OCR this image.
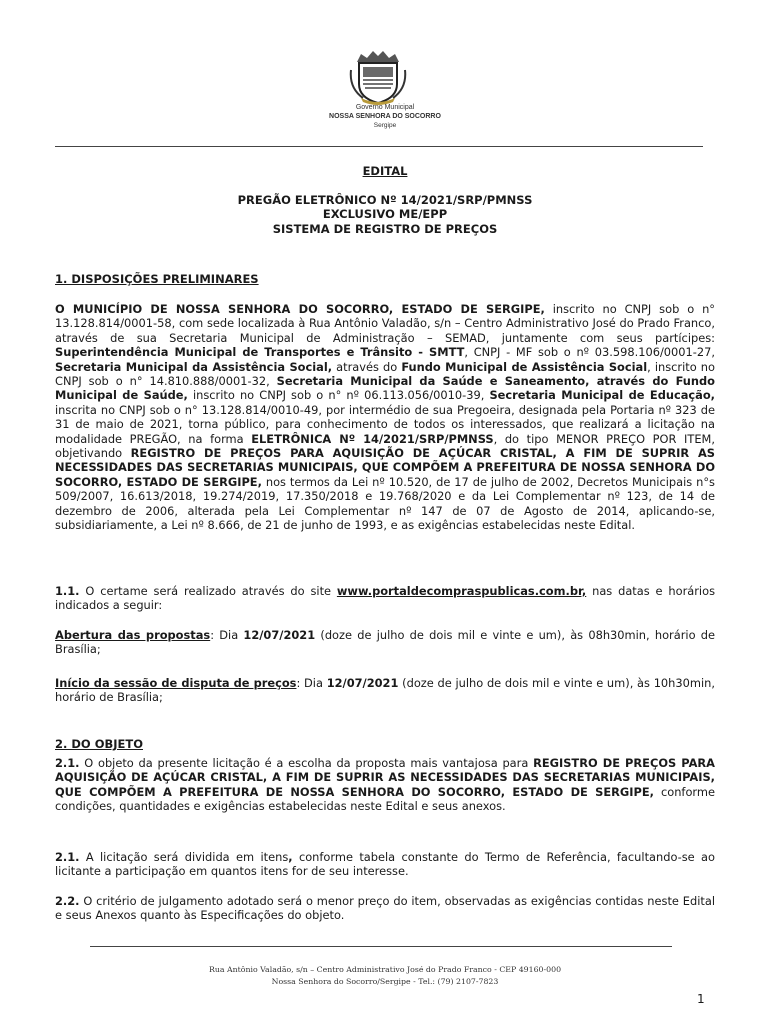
Governo Municipal
NOSSA SENHORA DO SOCORRO
Sergipe
EDITAL
PREGÃO ELETRÔNICO Nº 14/2021/SRP/PMNSS
EXCLUSIVO ME/EPP
SISTEMA DE REGISTRO DE PREÇOS
1. DISPOSIÇÕES PRELIMINARES
O MUNICÍPIO DE NOSSA SENHORA DO SOCORRO, ESTADO DE SERGIPE, inscrito no CNPJ sob o n° 13.128.814/0001-58, com sede localizada à Rua Antônio Valadão, s/n – Centro Administrativo José do Prado Franco, através de sua Secretaria Municipal de Administração – SEMAD, juntamente com seus partícipes: Superintendência Municipal de Transportes e Trânsito - SMTT, CNPJ - MF sob o nº 03.598.106/0001-27, Secretaria Municipal da Assistência Social, através do Fundo Municipal de Assistência Social, inscrito no CNPJ sob o n° 14.810.888/0001-32, Secretaria Municipal da Saúde e Saneamento, através do Fundo Municipal de Saúde, inscrito no CNPJ sob o n° nº 06.113.056/0010-39, Secretaria Municipal de Educação, inscrita no CNPJ sob o n° 13.128.814/0010-49, por intermédio de sua Pregoeira, designada pela Portaria nº 323 de 31 de maio de 2021, torna público, para conhecimento de todos os interessados, que realizará a licitação na modalidade PREGÃO, na forma ELETRÔNICA Nº 14/2021/SRP/PMNSS, do tipo MENOR PREÇO POR ITEM, objetivando REGISTRO DE PREÇOS PARA AQUISIÇÃO DE AÇÚCAR CRISTAL, A FIM DE SUPRIR AS NECESSIDADES DAS SECRETARIAS MUNICIPAIS, QUE COMPÕEM A PREFEITURA DE NOSSA SENHORA DO SOCORRO, ESTADO DE SERGIPE, nos termos da Lei nº 10.520, de 17 de julho de 2002, Decretos Municipais n°s 509/2007, 16.613/2018, 19.274/2019, 17.350/2018 e 19.768/2020 e da Lei Complementar nº 123, de 14 de dezembro de 2006, alterada pela Lei Complementar nº 147 de 07 de Agosto de 2014, aplicando-se, subsidiariamente, a Lei nº 8.666, de 21 de junho de 1993, e as exigências estabelecidas neste Edital.
1.1. O certame será realizado através do site www.portaldecompraspublicas.com.br, nas datas e horários indicados a seguir:
Abertura das propostas: Dia 12/07/2021 (doze de julho de dois mil e vinte e um), às 08h30min, horário de Brasília;
Início da sessão de disputa de preços: Dia 12/07/2021 (doze de julho de dois mil e vinte e um), às 10h30min, horário de Brasília;
2. DO OBJETO
2.1. O objeto da presente licitação é a escolha da proposta mais vantajosa para REGISTRO DE PREÇOS PARA AQUISIÇÃO DE AÇÚCAR CRISTAL, A FIM DE SUPRIR AS NECESSIDADES DAS SECRETARIAS MUNICIPAIS, QUE COMPÕEM A PREFEITURA DE NOSSA SENHORA DO SOCORRO, ESTADO DE SERGIPE, conforme condições, quantidades e exigências estabelecidas neste Edital e seus anexos.
2.1. A licitação será dividida em itens, conforme tabela constante do Termo de Referência, facultando-se ao licitante a participação em quantos itens for de seu interesse.
2.2. O critério de julgamento adotado será o menor preço do item, observadas as exigências contidas neste Edital e seus Anexos quanto às Especificações do objeto.
Rua Antônio Valadão, s/n – Centro Administrativo José do Prado Franco - CEP 49160-000
Nossa Senhora do Socorro/Sergipe - Tel.: (79) 2107-7823
1
